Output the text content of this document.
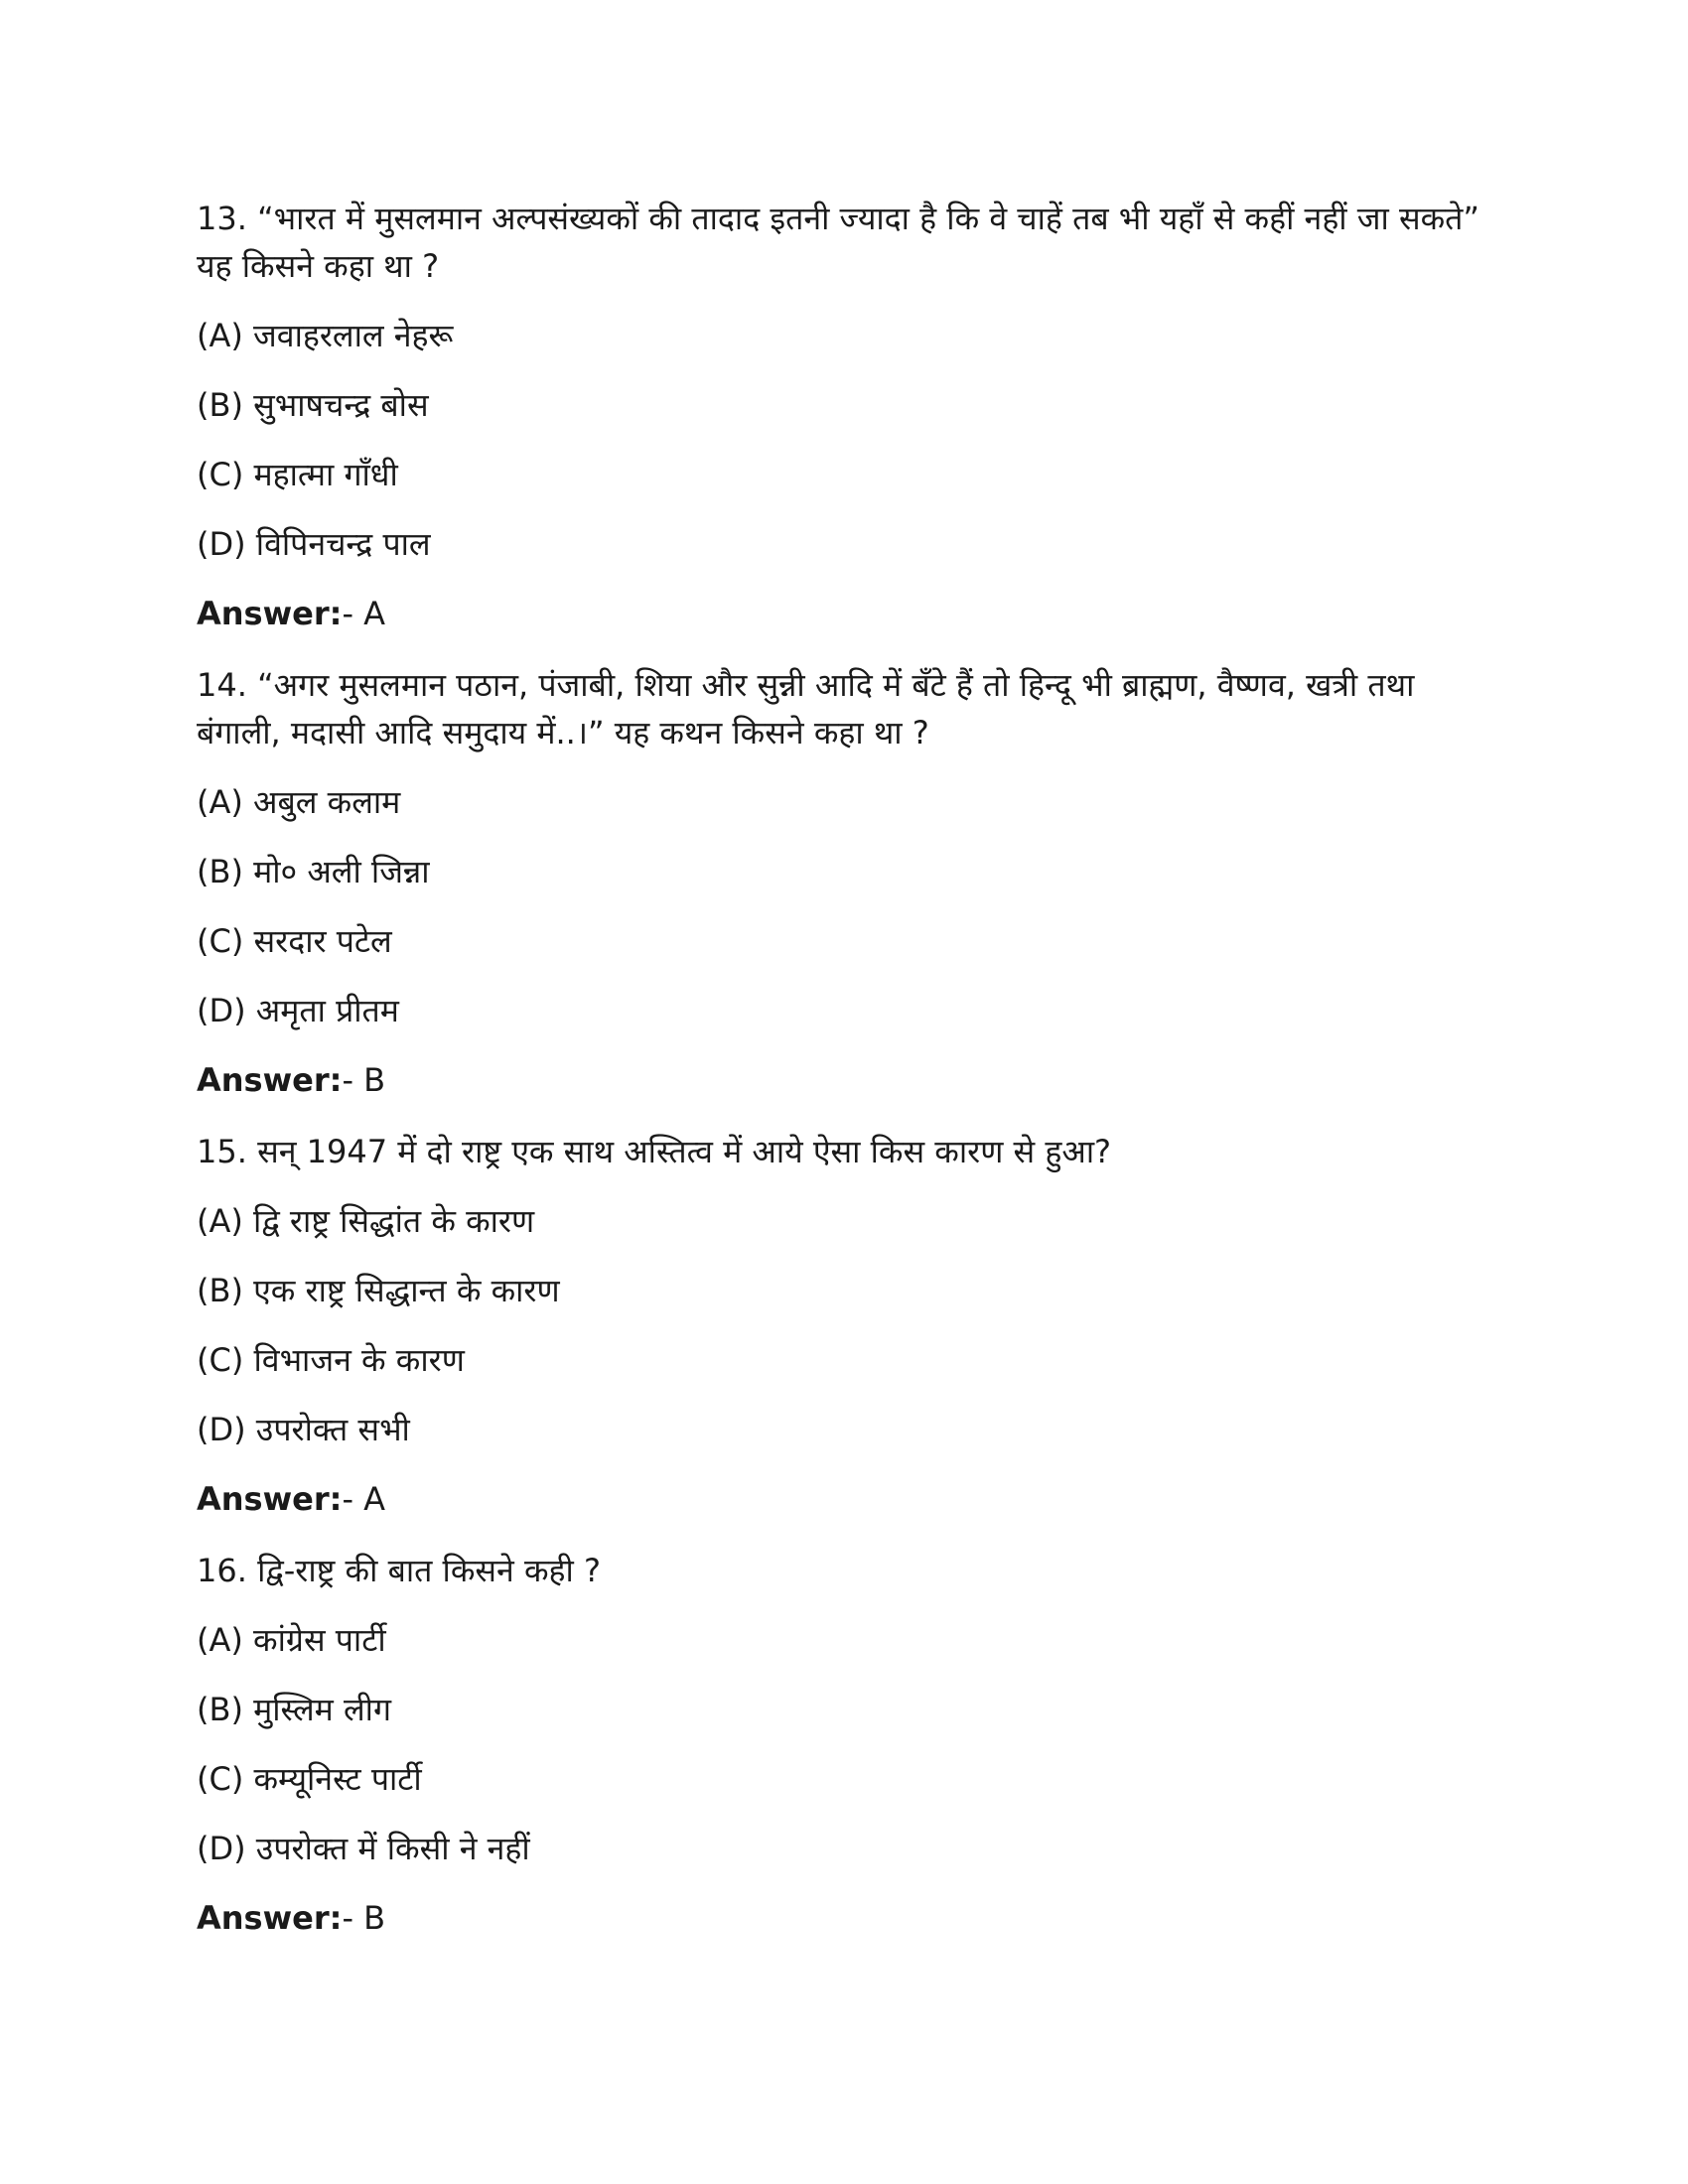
13. “भारत में मुसलमान अल्पसंख्यकों की तादाद इतनी ज्यादा है कि वे चाहें तब भी यहाँ से कहीं नहीं जा सकते” यह किसने कहा था ?

(A) जवाहरलाल नेहरू

(B) सुभाषचन्द्र बोस

(C) महात्मा गाँधी

(D) विपिनचन्द्र पाल

Answer:- A

14. “अगर मुसलमान पठान, पंजाबी, शिया और सुन्नी आदि में बँटे हैं तो हिन्दू भी ब्राह्मण, वैष्णव, खत्री तथा बंगाली, मदासी आदि समुदाय में..।” यह कथन किसने कहा था ?

(A) अबुल कलाम

(B) मो० अली जिन्ना

(C) सरदार पटेल

(D) अमृता प्रीतम

Answer:- B

15. सन् 1947 में दो राष्ट्र एक साथ अस्तित्व में आये ऐसा किस कारण से हुआ?

(A) द्वि राष्ट्र सिद्धांत के कारण

(B) एक राष्ट्र सिद्धान्त के कारण

(C) विभाजन के कारण

(D) उपरोक्त सभी

Answer:- A

16. द्वि-राष्ट्र की बात किसने कही ?

(A) कांग्रेस पार्टी

(B) मुस्लिम लीग

(C) कम्यूनिस्ट पार्टी

(D) उपरोक्त में किसी ने नहीं

Answer:- B
